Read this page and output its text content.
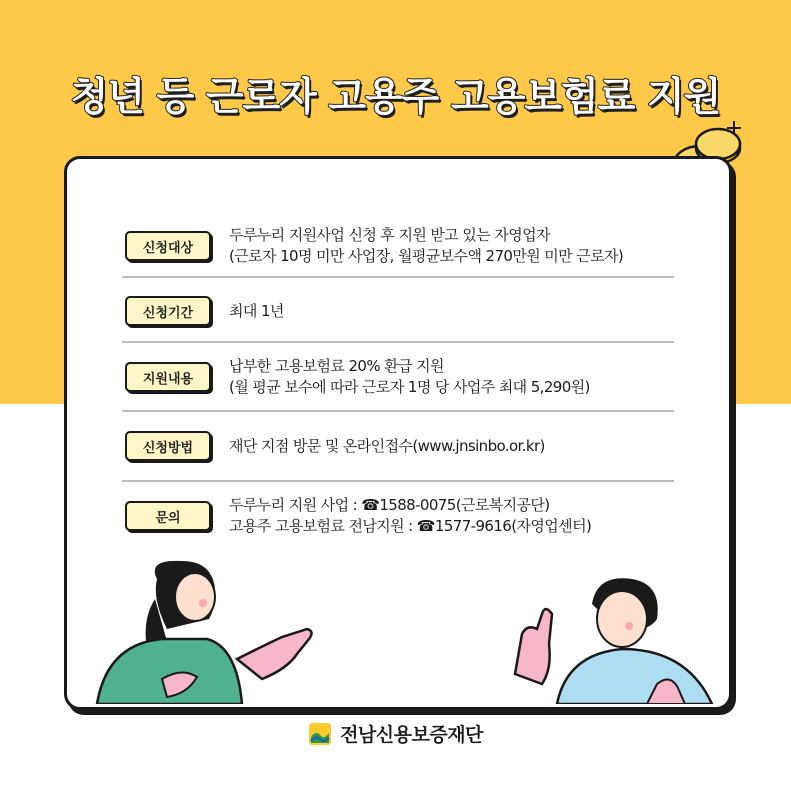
청년 등 근로자 고용주 고용보험료 지원
신청대상
두루누리 지원사업 신청 후 지원 받고 있는 자영업자
(근로자 10명 미만 사업장, 월평균보수액 270만원 미만 근로자)
신청기간	최대 1년
지원내용
납부한 고용보험료 20% 환급 지원
(월 평균 보수에 따라 근로자 1명 당 사업주 최대 5,290원)
신청방법	재단 지점 방문 및 온라인접수(www.jnsinbo.or.kr)
문의
두루누리 지원 사업 : ☎1588-0075(근로복지공단)
고용주 고용보험료 전남지원 : ☎1577-9616(자영업센터)
전남신용보증재단
